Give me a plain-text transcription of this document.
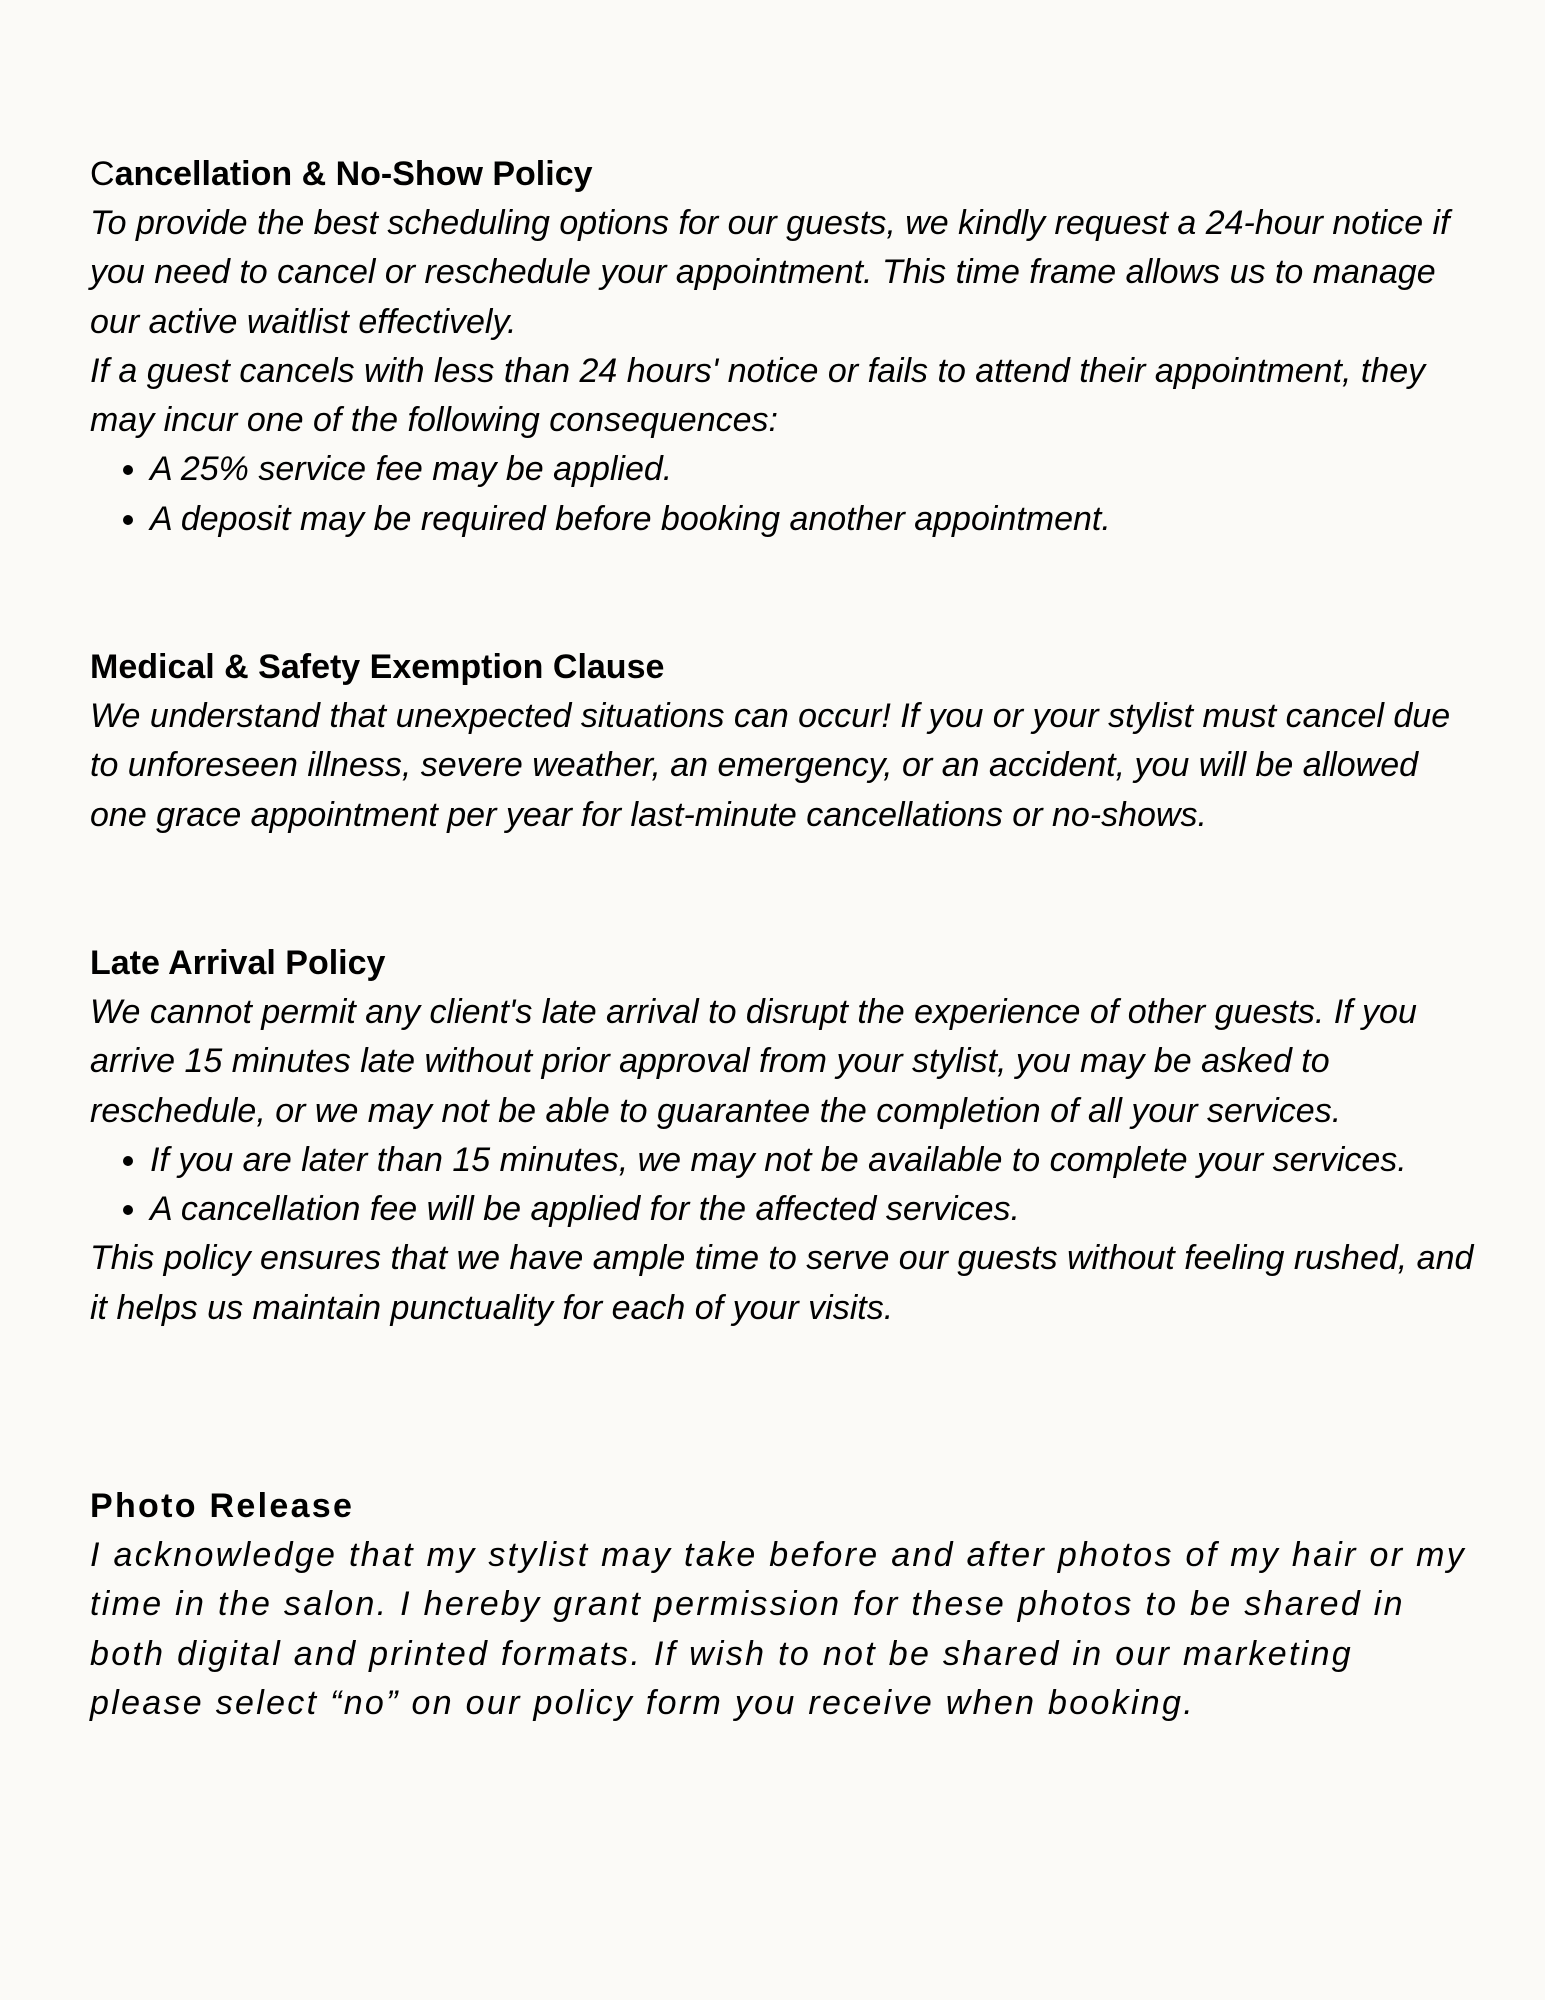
Cancellation & No-Show Policy

To provide the best scheduling options for our guests, we kindly request a 24-hour notice if you need to cancel or reschedule your appointment. This time frame allows us to manage our active waitlist effectively.

If a guest cancels with less than 24 hours' notice or fails to attend their appointment, they may incur one of the following consequences:

• A 25% service fee may be applied.
• A deposit may be required before booking another appointment.
Medical & Safety Exemption Clause

We understand that unexpected situations can occur! If you or your stylist must cancel due to unforeseen illness, severe weather, an emergency, or an accident, you will be allowed one grace appointment per year for last-minute cancellations or no-shows.

Late Arrival Policy

We cannot permit any client's late arrival to disrupt the experience of other guests. If you arrive 15 minutes late without prior approval from your stylist, you may be asked to reschedule, or we may not be able to guarantee the completion of all your services.

• If you are later than 15 minutes, we may not be available to complete your services.
• A cancellation fee will be applied for the affected services.

This policy ensures that we have ample time to serve our guests without feeling rushed, and it helps us maintain punctuality for each of your visits.

Photo Release

I acknowledge that my stylist may take before and after photos of my hair or my time in the salon. I hereby grant permission for these photos to be shared in both digital and printed formats. If wish to not be shared in our marketing please select “no” on our policy form you receive when booking.
